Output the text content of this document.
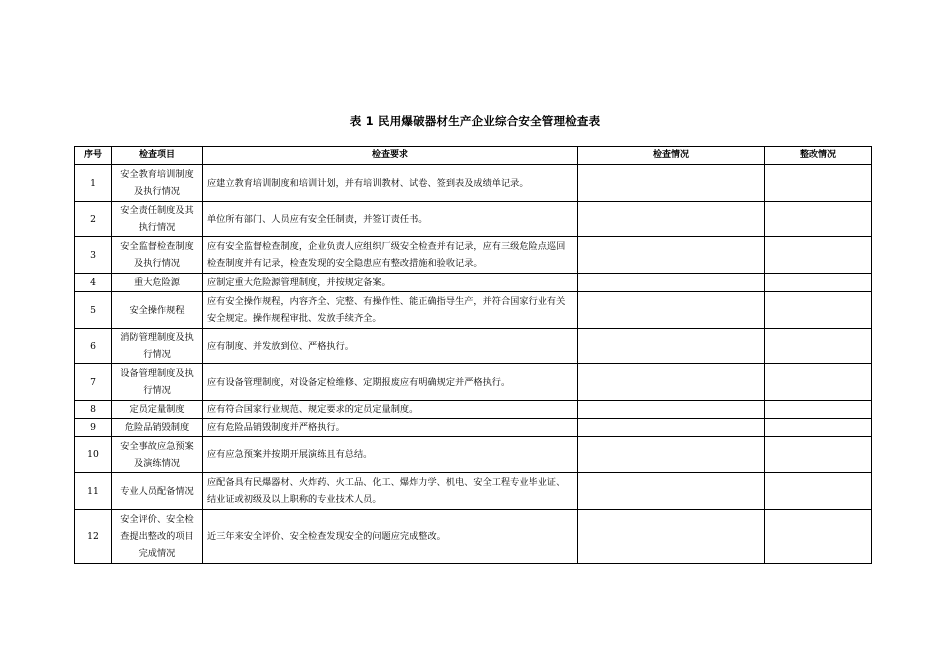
表 1 民用爆破器材生产企业综合安全管理检查表
序号	检查项目	检查要求	检查情况	整改情况
1	安全教育培训制度及执行情况	应建立教育培训制度和培训计划，并有培训教材、试卷、签到表及成绩单记录。		
2	安全责任制度及其执行情况	单位所有部门、人员应有安全任制责，并签订责任书。		
3	安全监督检查制度及执行情况	应有安全监督检查制度，企业负责人应组织厂级安全检查并有记录，应有三级危险点巡回检查制度并有记录，检查发现的安全隐患应有整改措施和验收记录。		
4	重大危险源	应制定重大危险源管理制度，并按规定备案。		
5	安全操作规程	应有安全操作规程，内容齐全、完整、有操作性、能正确指导生产，并符合国家行业有关安全规定。操作规程审批、发放手续齐全。		
6	消防管理制度及执行情况	应有制度、并发放到位、严格执行。		
7	设备管理制度及执行情况	应有设备管理制度，对设备定检维修、定期报废应有明确规定并严格执行。		
8	定员定量制度	应有符合国家行业规范、规定要求的定员定量制度。		
9	危险品销毁制度	应有危险品销毁制度并严格执行。		
10	安全事故应急预案及演练情况	应有应急预案并按期开展演练且有总结。		
11	专业人员配备情况	应配备具有民爆器材、火炸药、火工品、化工、爆炸力学、机电、安全工程专业毕业证、结业证或初级及以上职称的专业技术人员。		
12	安全评价、安全检查提出整改的项目完成情况	近三年来安全评价、安全检查发现安全的问题应完成整改。		
